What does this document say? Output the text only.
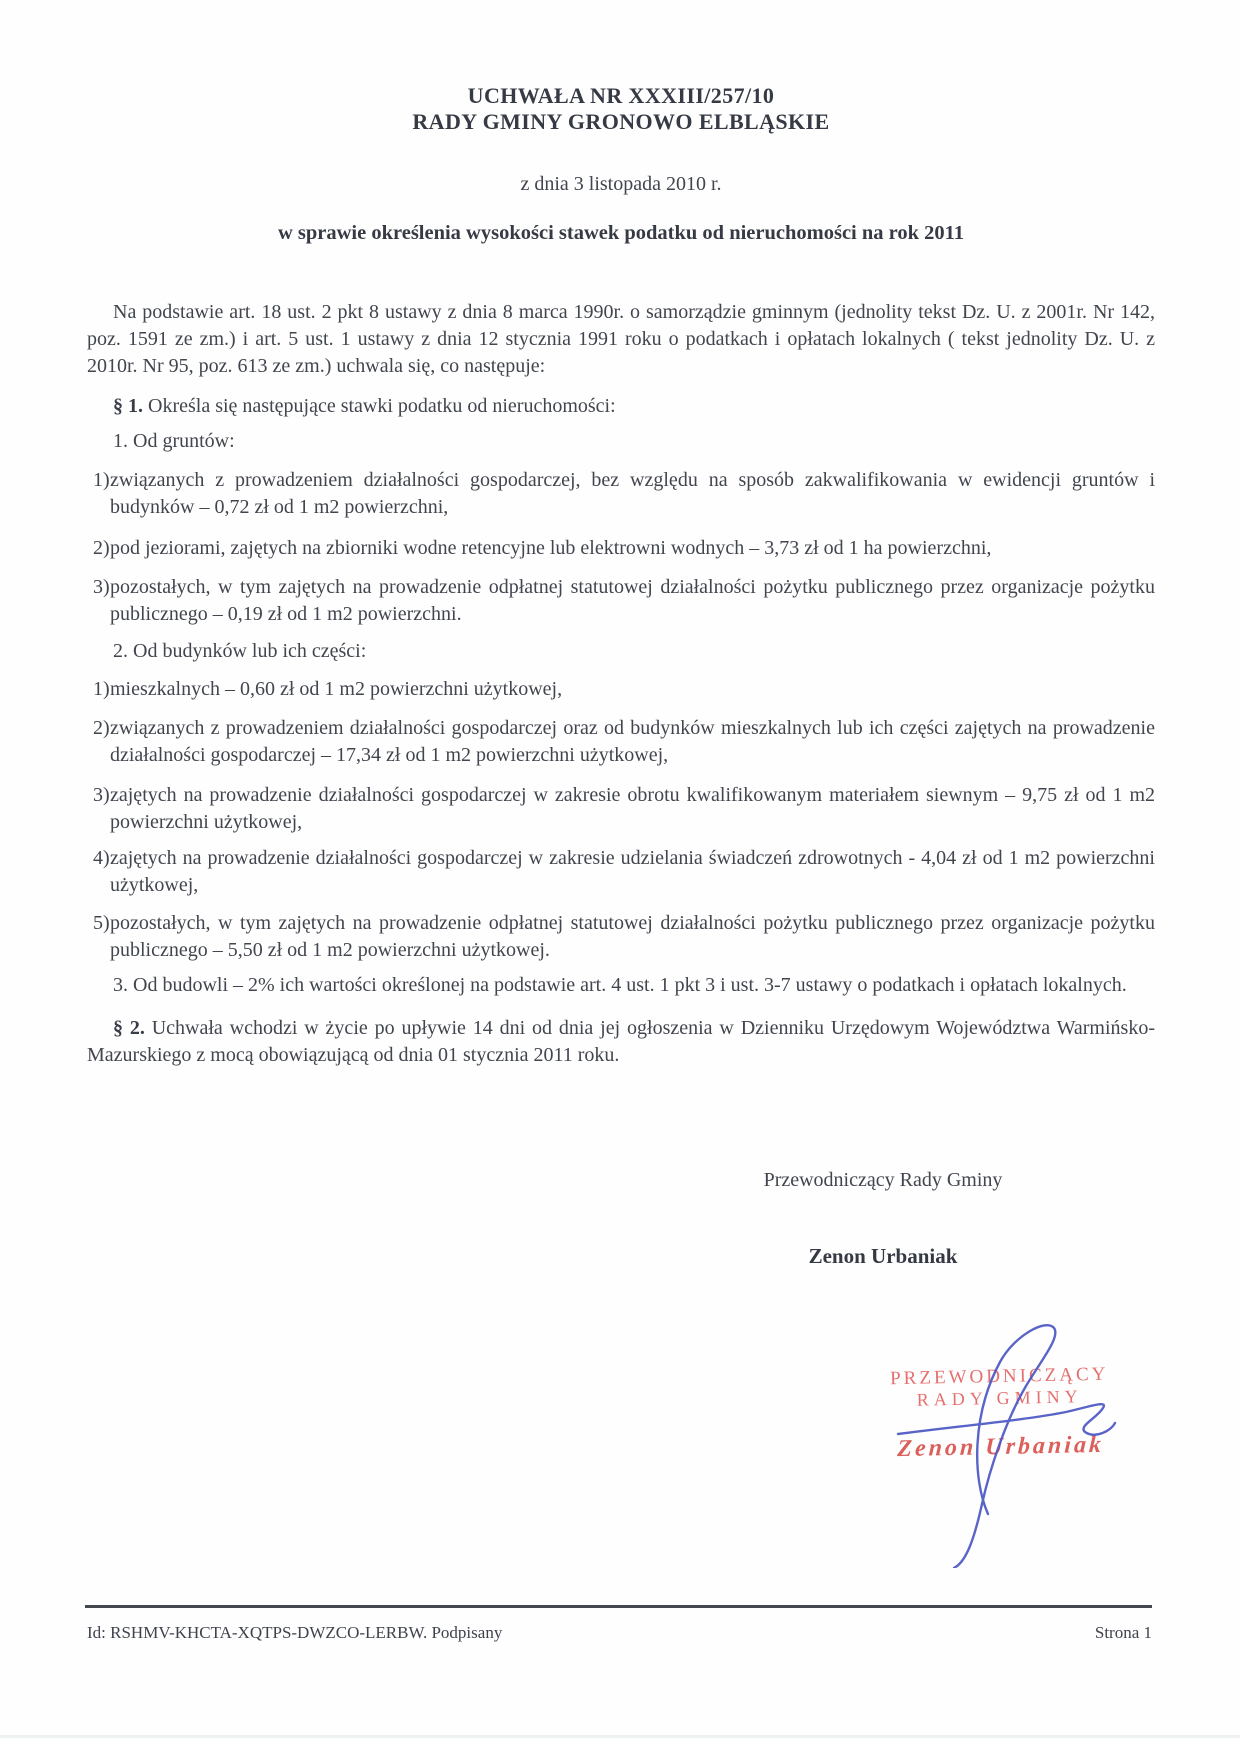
UCHWAŁA NR XXXIII/257/10
RADY GMINY GRONOWO ELBLĄSKIE

z dnia 3 listopada 2010 r.

w sprawie określenia wysokości stawek podatku od nieruchomości na rok 2011

Na podstawie art. 18 ust. 2 pkt 8 ustawy z dnia 8 marca 1990r. o samorządzie gminnym (jednolity tekst Dz. U. z 2001r. Nr 142, poz. 1591 ze zm.) i art. 5 ust. 1 ustawy z dnia 12 stycznia 1991 roku o podatkach i opłatach lokalnych ( tekst jednolity Dz. U. z 2010r. Nr 95, poz. 613 ze zm.) uchwala się, co następuje:

§ 1. Określa się następujące stawki podatku od nieruchomości:

1. Od gruntów:

1) związanych z prowadzeniem działalności gospodarczej, bez względu na sposób zakwalifikowania w ewidencji gruntów i budynków – 0,72 zł od 1 m2 powierzchni,

2) pod jeziorami, zajętych na zbiorniki wodne retencyjne lub elektrowni wodnych – 3,73 zł od 1 ha powierzchni,

3) pozostałych, w tym zajętych na prowadzenie odpłatnej statutowej działalności pożytku publicznego przez organizacje pożytku publicznego – 0,19 zł od 1 m2 powierzchni.

2. Od budynków lub ich części:

1) mieszkalnych – 0,60 zł od 1 m2 powierzchni użytkowej,

2) związanych z prowadzeniem działalności gospodarczej oraz od budynków mieszkalnych lub ich części zajętych na prowadzenie działalności gospodarczej – 17,34 zł od 1 m2 powierzchni użytkowej,

3) zajętych na prowadzenie działalności gospodarczej w zakresie obrotu kwalifikowanym materiałem siewnym – 9,75 zł od 1 m2 powierzchni użytkowej,

4) zajętych na prowadzenie działalności gospodarczej w zakresie udzielania świadczeń zdrowotnych - 4,04 zł od 1 m2 powierzchni użytkowej,

5) pozostałych, w tym zajętych na prowadzenie odpłatnej statutowej działalności pożytku publicznego przez organizacje pożytku publicznego – 5,50 zł od 1 m2 powierzchni użytkowej.

3. Od budowli – 2% ich wartości określonej na podstawie art. 4 ust. 1 pkt 3 i ust. 3-7 ustawy o podatkach i opłatach lokalnych.

§ 2. Uchwała wchodzi w życie po upływie 14 dni od dnia jej ogłoszenia w Dzienniku Urzędowym Województwa Warmińsko-Mazurskiego z mocą obowiązującą od dnia 01 stycznia 2011 roku.

Przewodniczący Rady Gminy

Zenon Urbaniak

PRZEWODNICZĄCY
RADY GMINY
Zenon Urbaniak
Id: RSHMV-KHCTA-XQTPS-DWZCO-LERBW. Podpisany	Strona 1
